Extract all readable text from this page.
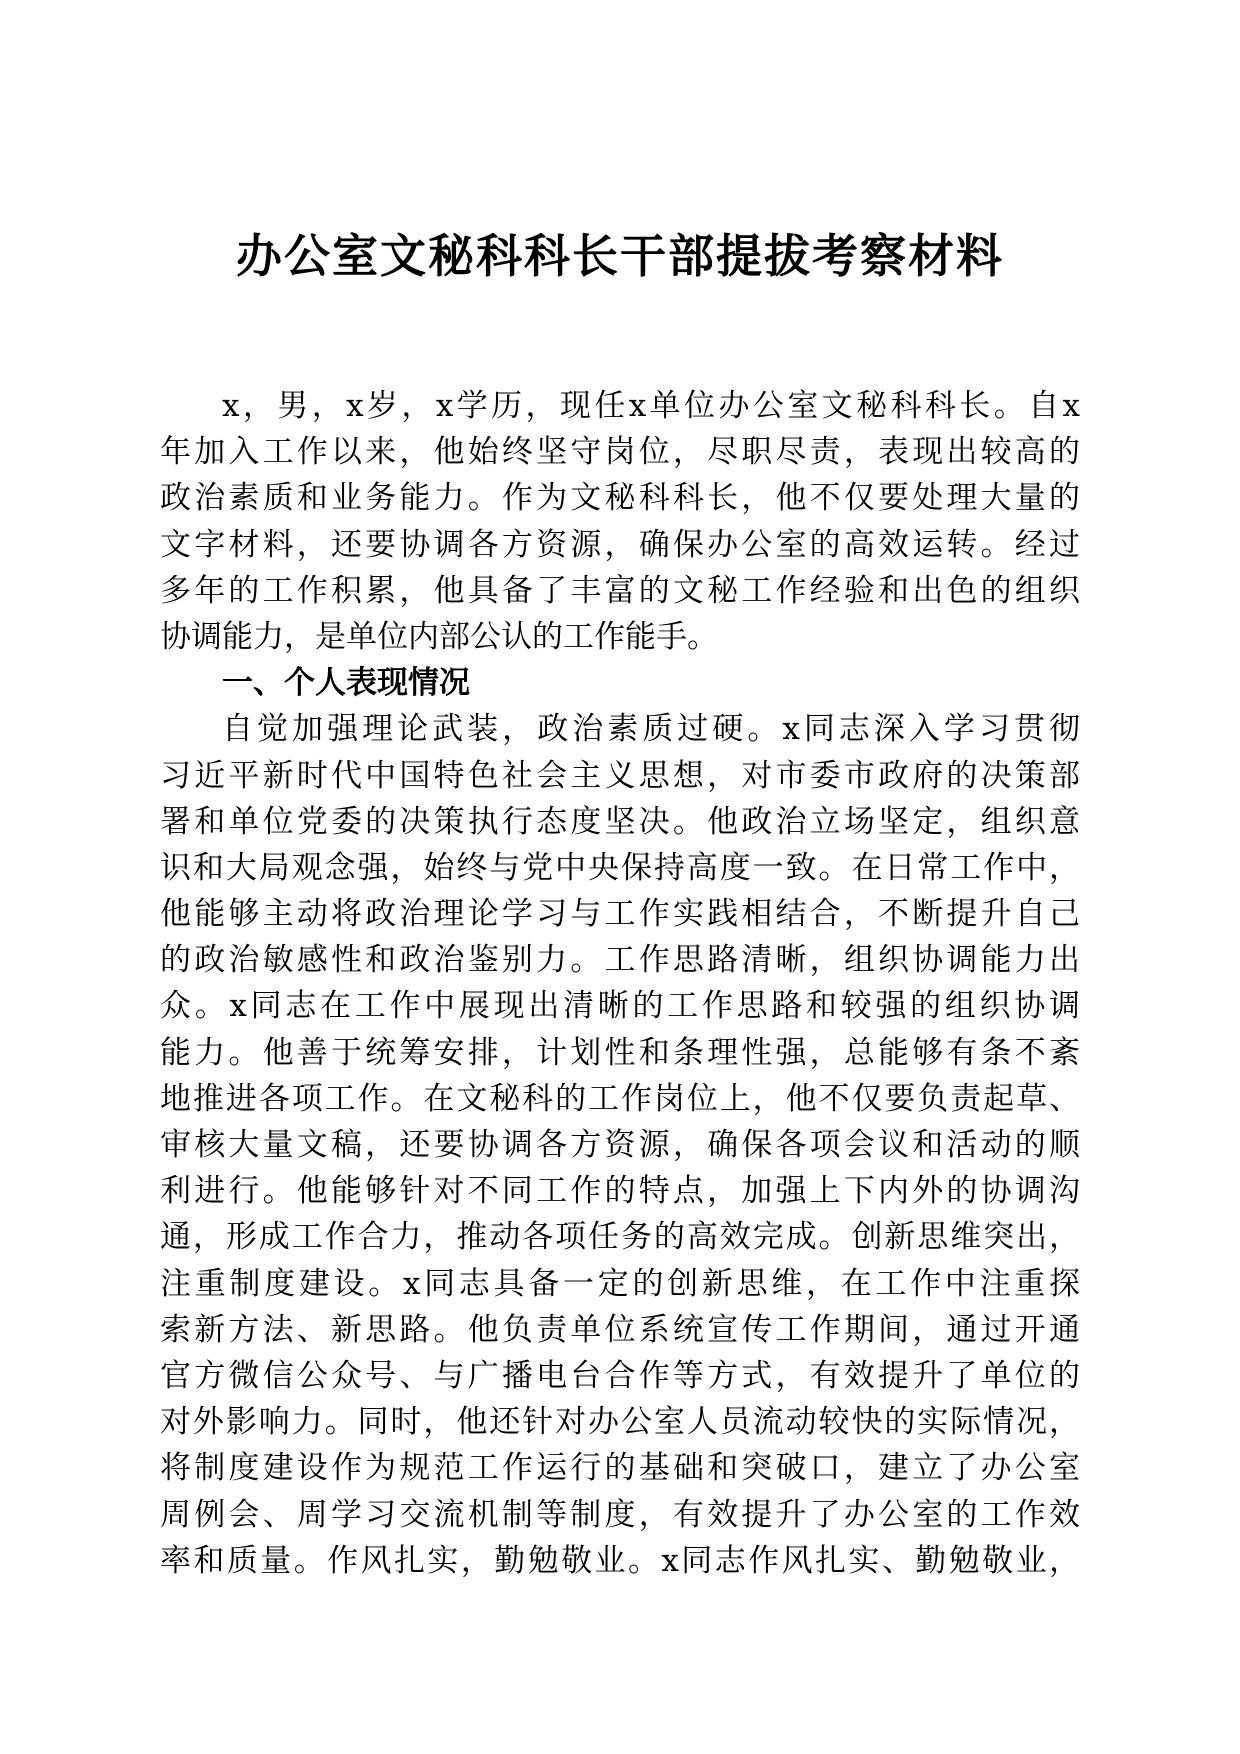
办公室文秘科科长干部提拔考察材料
x，男，x岁，x学历，现任x单位办公室文秘科科长。自x
年加入工作以来，他始终坚守岗位，尽职尽责，表现出较高的
政治素质和业务能力。作为文秘科科长，他不仅要处理大量的
文字材料，还要协调各方资源，确保办公室的高效运转。经过
多年的工作积累，他具备了丰富的文秘工作经验和出色的组织
协调能力，是单位内部公认的工作能手。
一、个人表现情况
自觉加强理论武装，政治素质过硬。x同志深入学习贯彻
习近平新时代中国特色社会主义思想，对市委市政府的决策部
署和单位党委的决策执行态度坚决。他政治立场坚定，组织意
识和大局观念强，始终与党中央保持高度一致。在日常工作中，
他能够主动将政治理论学习与工作实践相结合，不断提升自己
的政治敏感性和政治鉴别力。工作思路清晰，组织协调能力出
众。x同志在工作中展现出清晰的工作思路和较强的组织协调
能力。他善于统筹安排，计划性和条理性强，总能够有条不紊
地推进各项工作。在文秘科的工作岗位上，他不仅要负责起草、
审核大量文稿，还要协调各方资源，确保各项会议和活动的顺
利进行。他能够针对不同工作的特点，加强上下内外的协调沟
通，形成工作合力，推动各项任务的高效完成。创新思维突出，
注重制度建设。x同志具备一定的创新思维，在工作中注重探
索新方法、新思路。他负责单位系统宣传工作期间，通过开通
官方微信公众号、与广播电台合作等方式，有效提升了单位的
对外影响力。同时，他还针对办公室人员流动较快的实际情况，
将制度建设作为规范工作运行的基础和突破口，建立了办公室
周例会、周学习交流机制等制度，有效提升了办公室的工作效
率和质量。作风扎实，勤勉敬业。x同志作风扎实、勤勉敬业，
